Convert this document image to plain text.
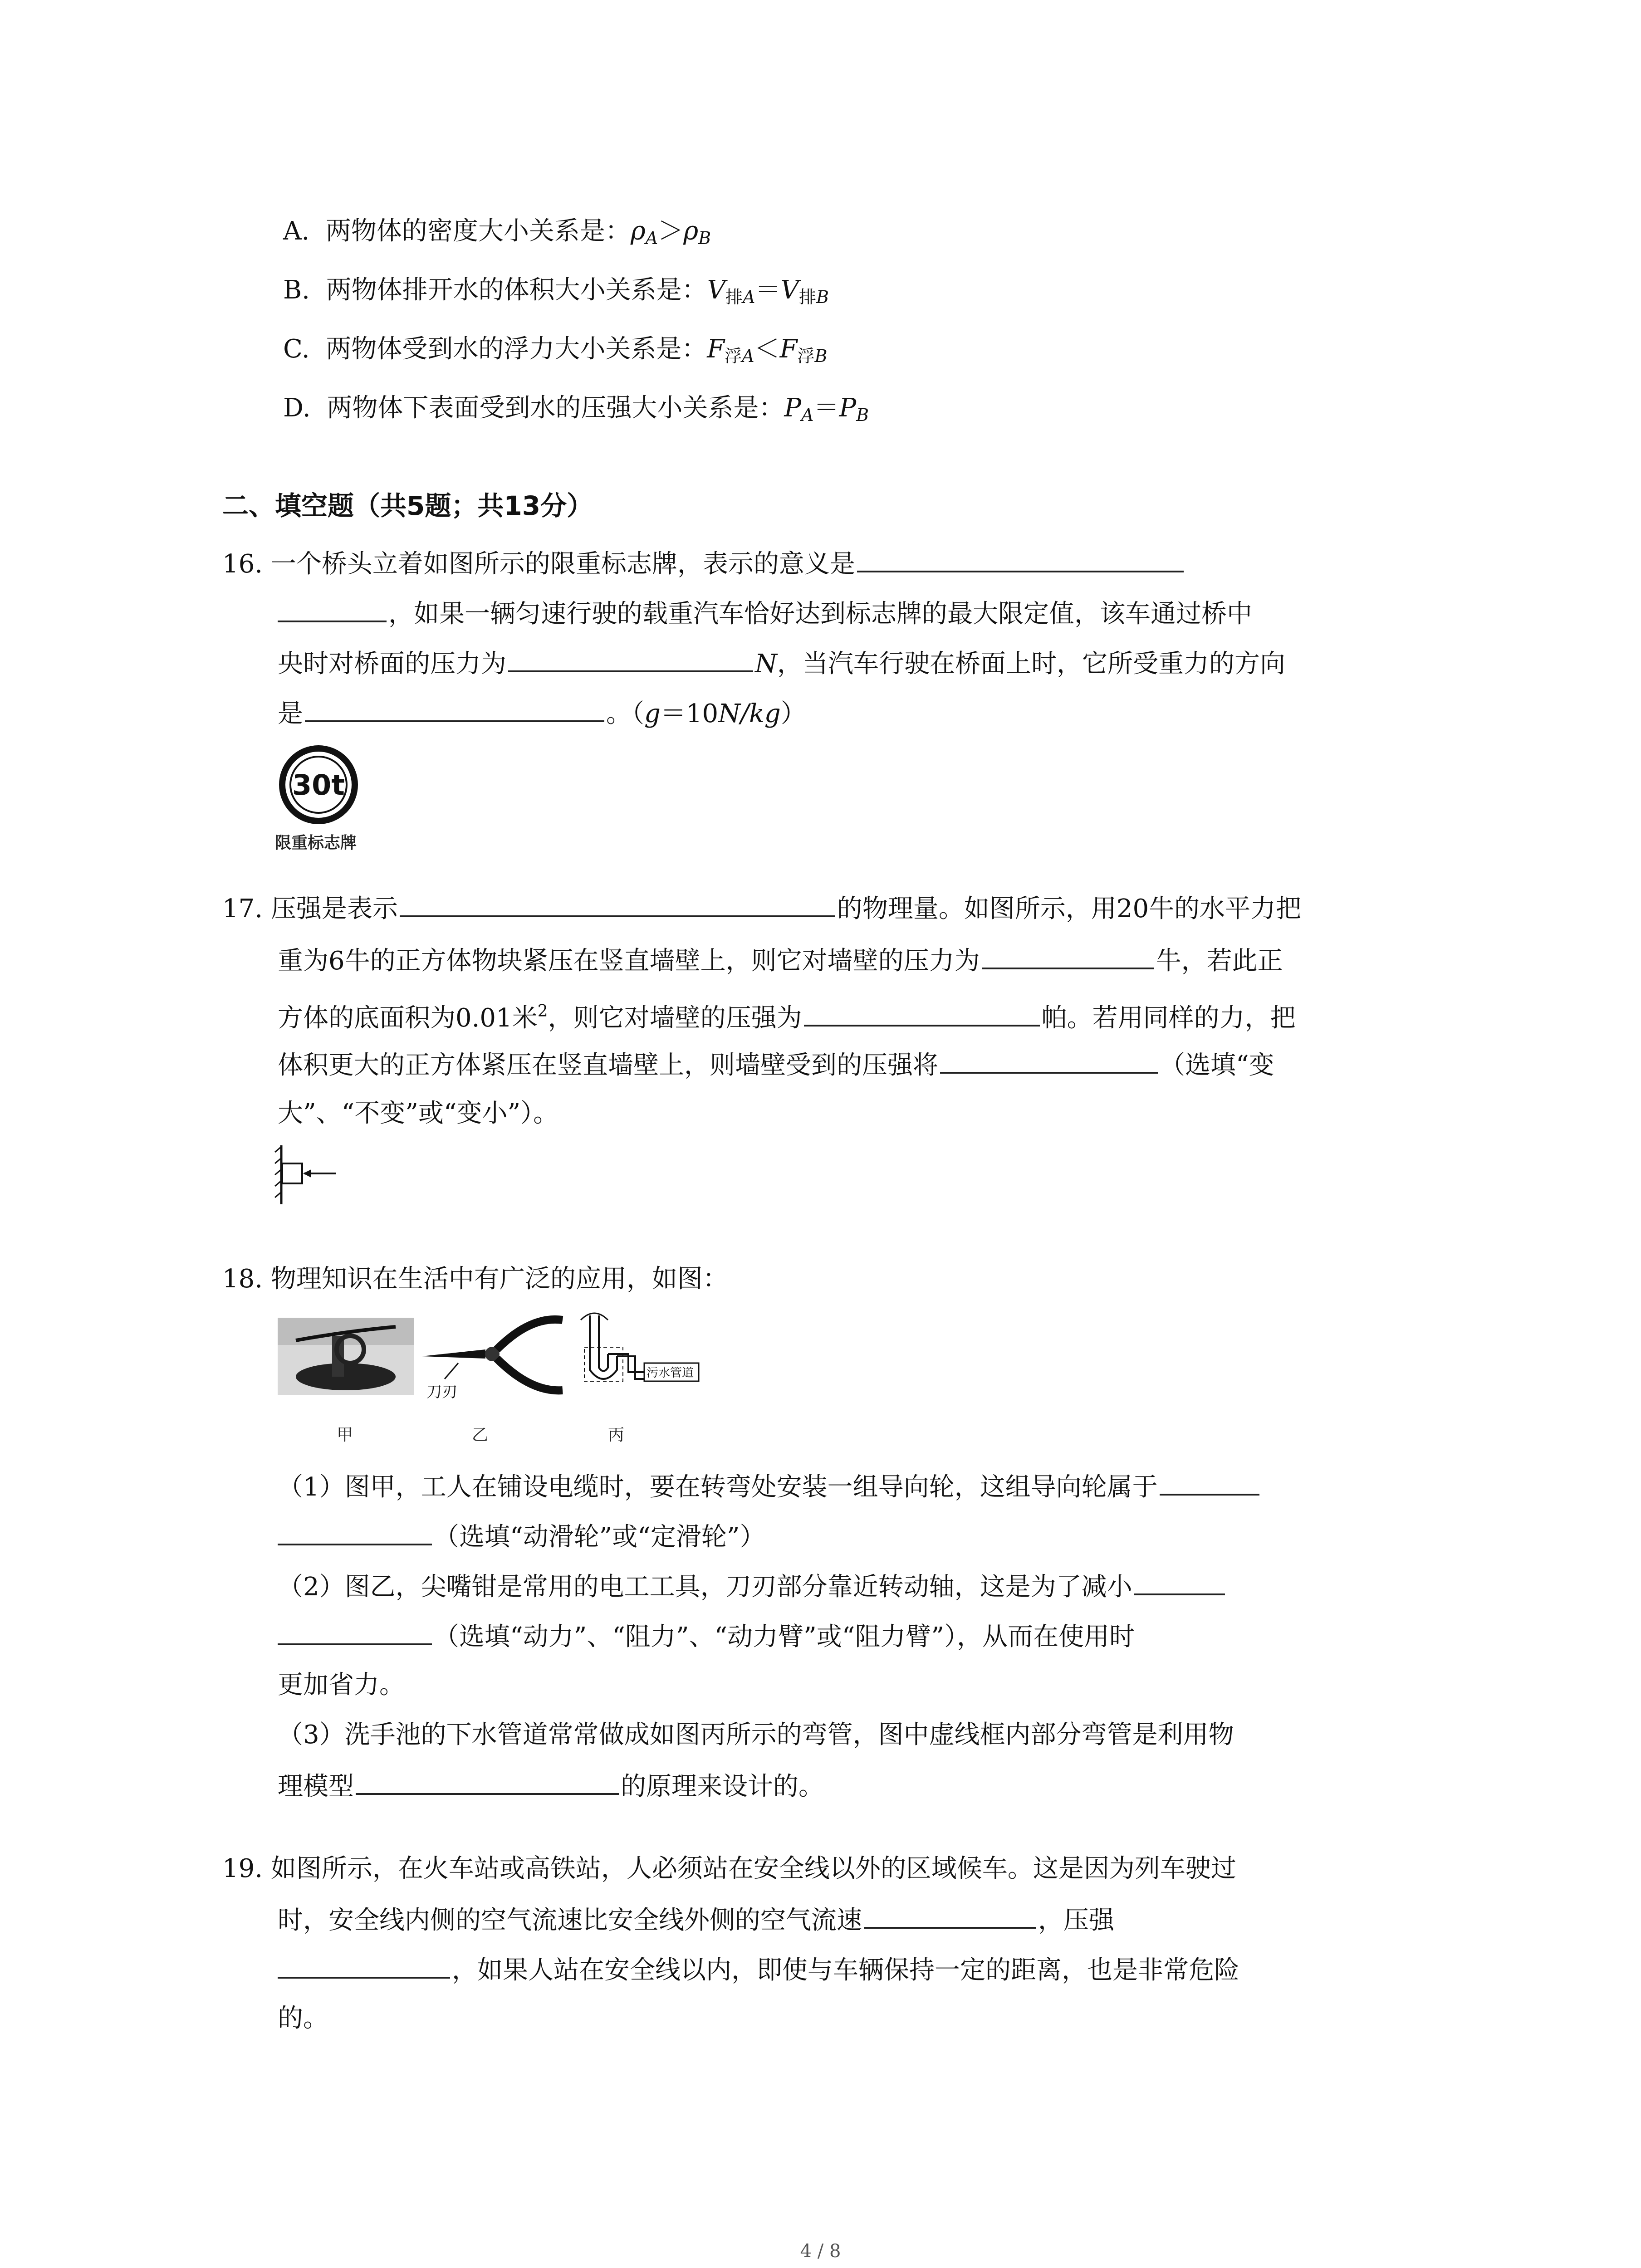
A. 两物体的密度大小关系是：ρA＞ρB
B. 两物体排开水的体积大小关系是：$V_排A=V_排B$
C. 两物体受到水的浮力大小关系是：$F_浮A<F_浮B$
D. 两物体下表面受到水的压强大小关系是：PA＝PB
二、填空题（共5题；共13分）
16. 一个桥头立着如图所示的限重标志牌，表示的意义是
，如果一辆匀速行驶的载重汽车恰好达到标志牌的最大限定值，该车通过桥中
央时对桥面的压力为	N，当汽车行驶在桥面上时，它所受重力的方向
是	。（g＝10N/kg）
30t
限重标志牌
17. 压强是表示	的物理量。如图所示，用20牛的水平力把
重为6牛的正方体物块紧压在竖直墙壁上，则它对墙壁的压力为	牛，若此正
方体的底面积为0.01米$^2$，则它对墙壁的压强为	帕。若用同样的力，把
体积更大的正方体紧压在竖直墙壁上，则墙壁受到的压强将	（选填“变
大”、“不变”或“变小”）。
18. 物理知识在生活中有广泛的应用，如图：
刀刃
污水管道
甲	乙	丙
（1）图甲，工人在铺设电缆时，要在转弯处安装一组导向轮，这组导向轮属于
（选填“动滑轮”或“定滑轮”）
（2）图乙，尖嘴钳是常用的电工工具，刀刃部分靠近转动轴，这是为了减小
（选填“动力”、“阻力”、“动力臂”或“阻力臂”），从而在使用时
更加省力。
（3）洗手池的下水管道常常做成如图丙所示的弯管，图中虚线框内部分弯管是利用物
理模型	的原理来设计的。
19. 如图所示，在火车站或高铁站，人必须站在安全线以外的区域候车。这是因为列车驶过
时，安全线内侧的空气流速比安全线外侧的空气流速	，压强
，如果人站在安全线以内，即使与车辆保持一定的距离，也是非常危险
的。
4 / 8
